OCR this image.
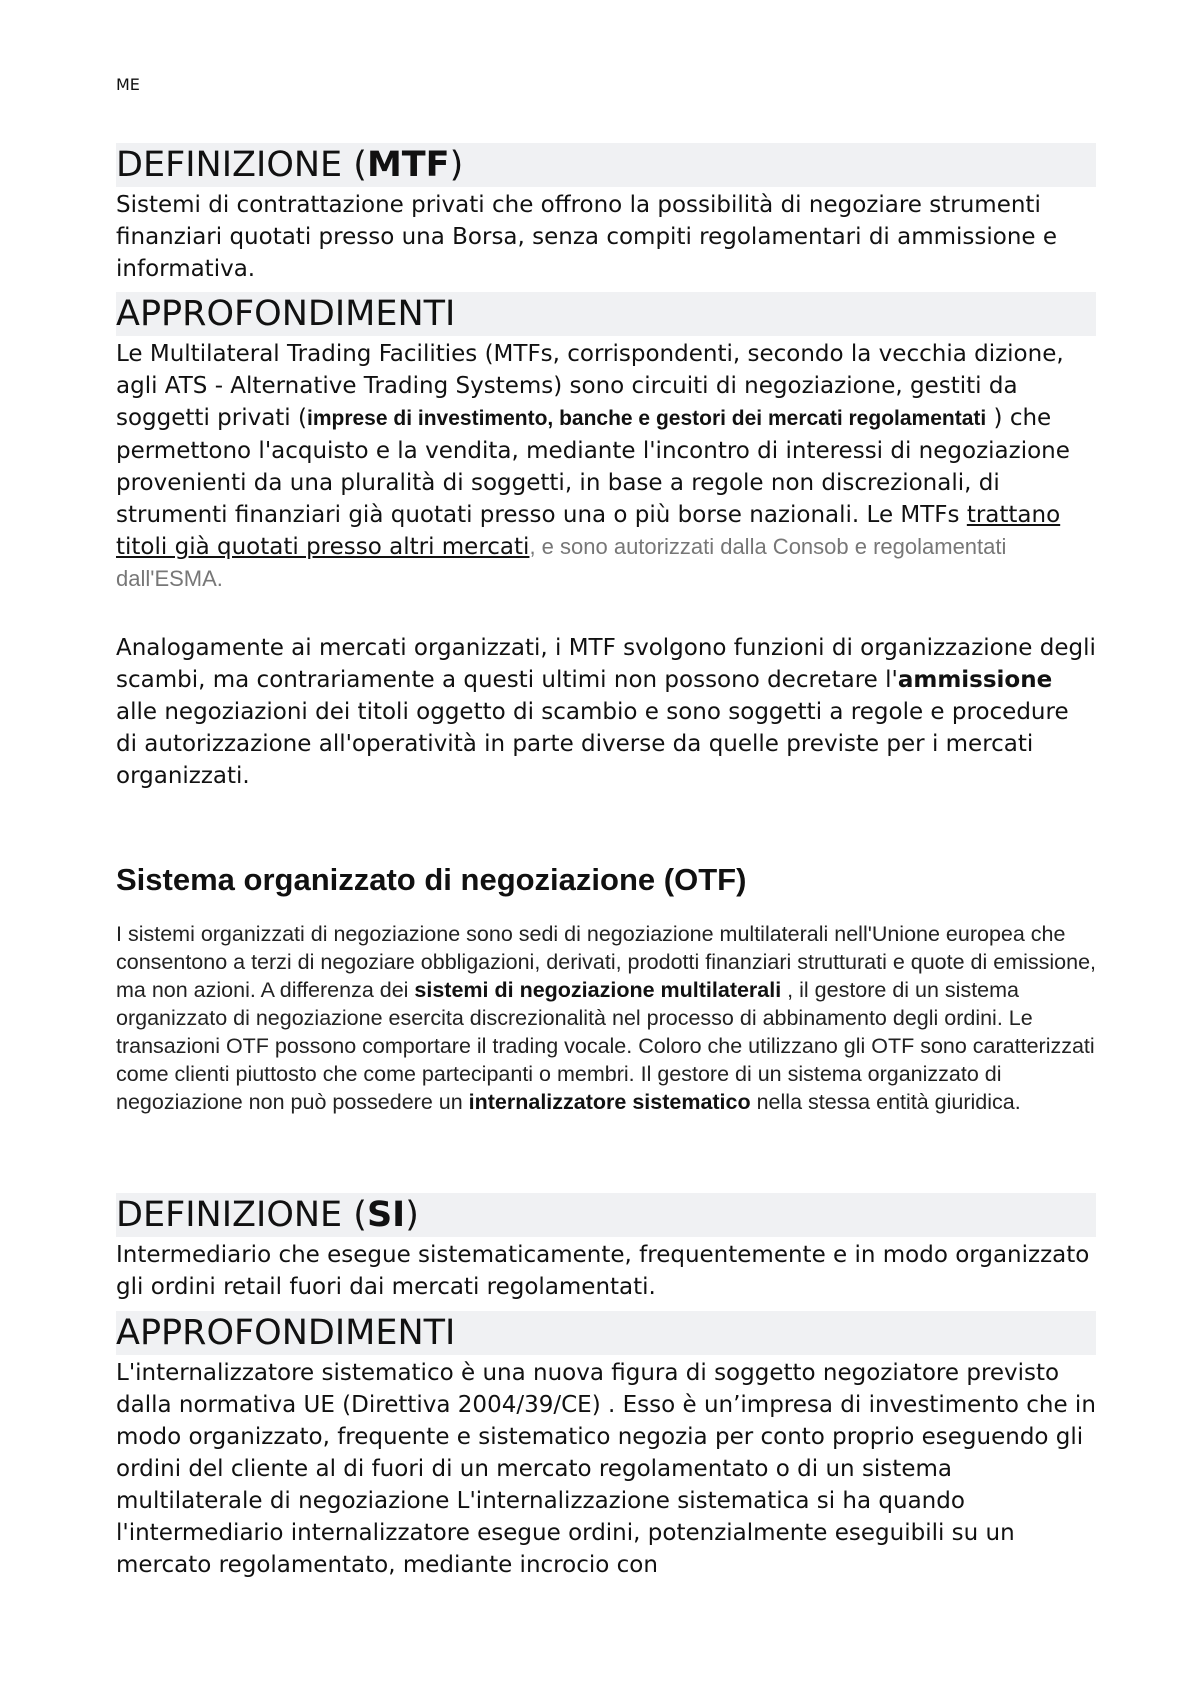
ME
DEFINIZIONE (MTF)

Sistemi di contrattazione privati che offrono la possibilità di negoziare strumenti finanziari quotati presso una Borsa, senza compiti regolamentari di ammissione e informativa.

APPROFONDIMENTI

Le Multilateral Trading Facilities (MTFs, corrispondenti, secondo la vecchia dizione, agli ATS - Alternative Trading Systems) sono circuiti di negoziazione, gestiti da soggetti privati (imprese di investimento, banche e gestori dei mercati regolamentati ) che permettono l'acquisto e la vendita, mediante l'incontro di interessi di negoziazione provenienti da una pluralità di soggetti, in base a regole non discrezionali, di strumenti finanziari già quotati presso una o più borse nazionali. Le MTFs trattano titoli già quotati presso altri mercati, e sono autorizzati dalla Consob e regolamentati dall'ESMA.

Analogamente ai mercati organizzati, i MTF svolgono funzioni di organizzazione degli scambi, ma contrariamente a questi ultimi non possono decretare l'ammissione alle negoziazioni dei titoli oggetto di scambio e sono soggetti a regole e procedure di autorizzazione all'operatività in parte diverse da quelle previste per i mercati organizzati.

Sistema organizzato di negoziazione (OTF)

I sistemi organizzati di negoziazione sono sedi di negoziazione multilaterali nell'Unione europea che consentono a terzi di negoziare obbligazioni, derivati, prodotti finanziari strutturati e quote di emissione, ma non azioni. A differenza dei sistemi di negoziazione multilaterali , il gestore di un sistema organizzato di negoziazione esercita discrezionalità nel processo di abbinamento degli ordini. Le transazioni OTF possono comportare il trading vocale. Coloro che utilizzano gli OTF sono caratterizzati come clienti piuttosto che come partecipanti o membri. Il gestore di un sistema organizzato di negoziazione non può possedere un internalizzatore sistematico nella stessa entità giuridica.

DEFINIZIONE (SI)

Intermediario che esegue sistematicamente, frequentemente e in modo organizzato gli ordini retail fuori dai mercati regolamentati.

APPROFONDIMENTI

L'internalizzatore sistematico è una nuova figura di soggetto negoziatore previsto dalla normativa UE (Direttiva 2004/39/CE) . Esso è un’impresa di investimento che in modo organizzato, frequente e sistematico negozia per conto proprio eseguendo gli ordini del cliente al di fuori di un mercato regolamentato o di un sistema multilaterale di negoziazione L'internalizzazione sistematica si ha quando l'intermediario internalizzatore esegue ordini, potenzialmente eseguibili su un mercato regolamentato, mediante incrocio con
